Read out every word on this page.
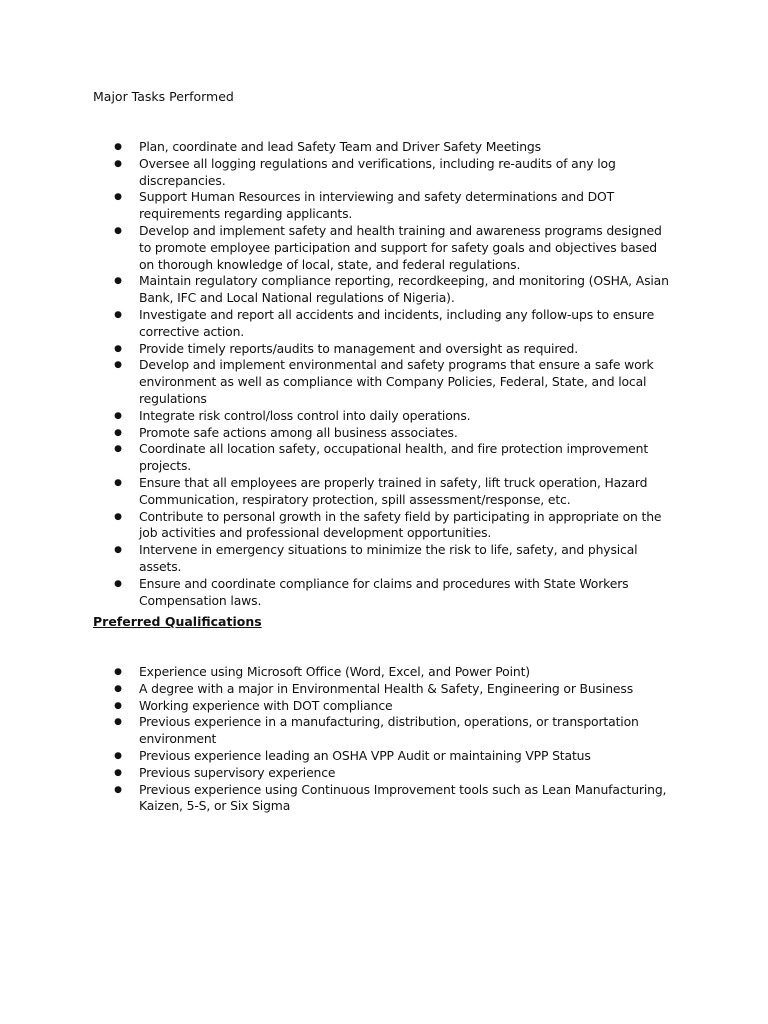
Major Tasks Performed
● Plan, coordinate and lead Safety Team and Driver Safety Meetings
● Oversee all logging regulations and verifications, including re-audits of any log discrepancies.
● Support Human Resources in interviewing and safety determinations and DOT requirements regarding applicants.
● Develop and implement safety and health training and awareness programs designed to promote employee participation and support for safety goals and objectives based on thorough knowledge of local, state, and federal regulations.
● Maintain regulatory compliance reporting, recordkeeping, and monitoring (OSHA, Asian Bank, IFC and Local National regulations of Nigeria).
● Investigate and report all accidents and incidents, including any follow-ups to ensure corrective action.
● Provide timely reports/audits to management and oversight as required.
● Develop and implement environmental and safety programs that ensure a safe work environment as well as compliance with Company Policies, Federal, State, and local regulations
● Integrate risk control/loss control into daily operations.
● Promote safe actions among all business associates.
● Coordinate all location safety, occupational health, and fire protection improvement projects.
● Ensure that all employees are properly trained in safety, lift truck operation, Hazard Communication, respiratory protection, spill assessment/response, etc.
● Contribute to personal growth in the safety field by participating in appropriate on the job activities and professional development opportunities.
● Intervene in emergency situations to minimize the risk to life, safety, and physical assets.
● Ensure and coordinate compliance for claims and procedures with State Workers Compensation laws.
Preferred Qualifications
● Experience using Microsoft Office (Word, Excel, and Power Point)
● A degree with a major in Environmental Health & Safety, Engineering or Business
● Working experience with DOT compliance
● Previous experience in a manufacturing, distribution, operations, or transportation environment
● Previous experience leading an OSHA VPP Audit or maintaining VPP Status
● Previous supervisory experience
● Previous experience using Continuous Improvement tools such as Lean Manufacturing, Kaizen, 5-S, or Six Sigma
